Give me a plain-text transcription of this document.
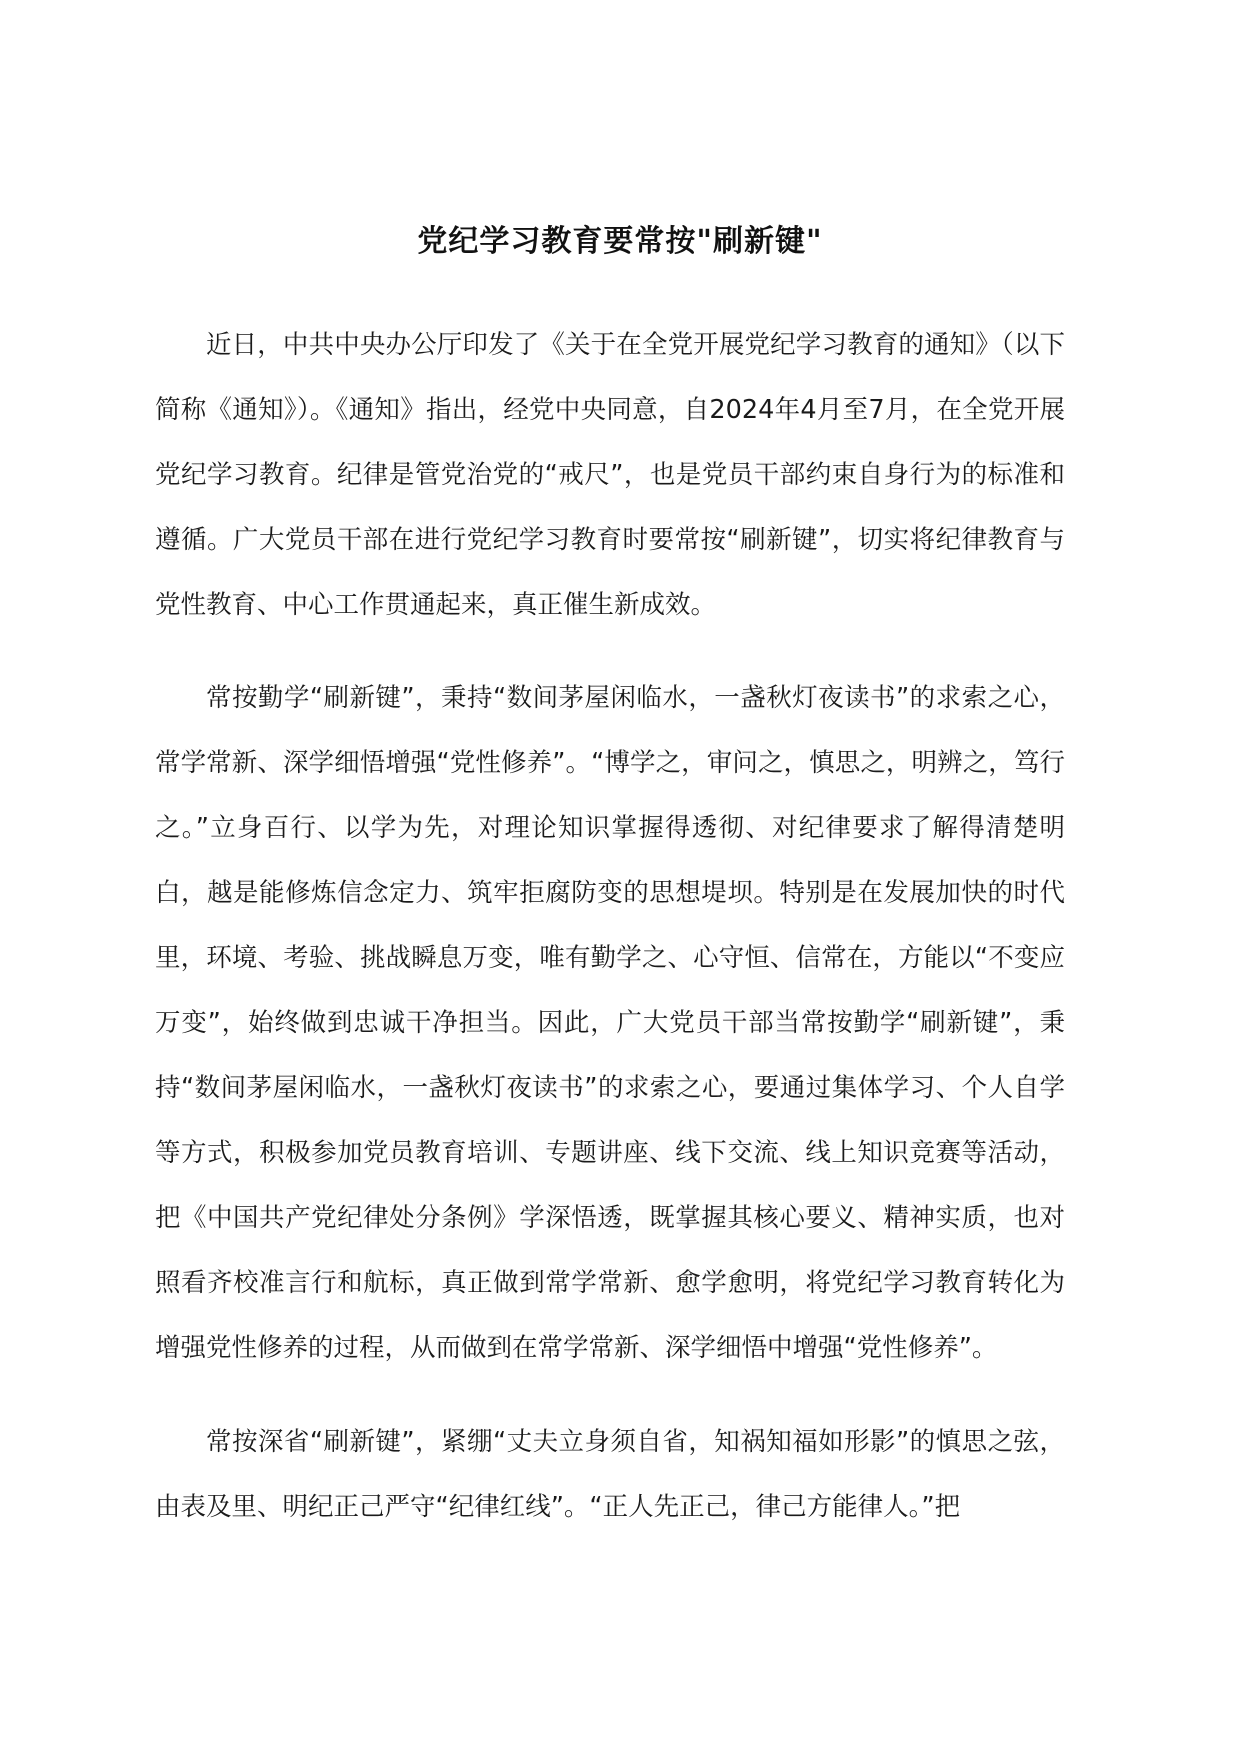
党纪学习教育要常按"刷新键"

近日，中共中央办公厅印发了《关于在全党开展党纪学习教育的通知》（以下简称《通知》）。《通知》指出，经党中央同意，自2024年4月至7月，在全党开展党纪学习教育。纪律是管党治党的“戒尺”，也是党员干部约束自身行为的标准和遵循。广大党员干部在进行党纪学习教育时要常按“刷新键”，切实将纪律教育与党性教育、中心工作贯通起来，真正催生新成效。

常按勤学“刷新键”，秉持“数间茅屋闲临水，一盏秋灯夜读书”的求索之心，常学常新、深学细悟增强“党性修养”。“博学之，审问之，慎思之，明辨之，笃行之。”立身百行、以学为先，对理论知识掌握得透彻、对纪律要求了解得清楚明白，越是能修炼信念定力、筑牢拒腐防变的思想堤坝。特别是在发展加快的时代里，环境、考验、挑战瞬息万变，唯有勤学之、心守恒、信常在，方能以“不变应万变”，始终做到忠诚干净担当。因此，广大党员干部当常按勤学“刷新键”，秉持“数间茅屋闲临水，一盏秋灯夜读书”的求索之心，要通过集体学习、个人自学等方式，积极参加党员教育培训、专题讲座、线下交流、线上知识竞赛等活动，把《中国共产党纪律处分条例》学深悟透，既掌握其核心要义、精神实质，也对照看齐校准言行和航标，真正做到常学常新、愈学愈明，将党纪学习教育转化为增强党性修养的过程，从而做到在常学常新、深学细悟中增强“党性修养”。

常按深省“刷新键”，紧绷“丈夫立身须自省，知祸知福如形影”的慎思之弦，由表及里、明纪正己严守“纪律红线”。“正人先正己，律己方能律人。”把
